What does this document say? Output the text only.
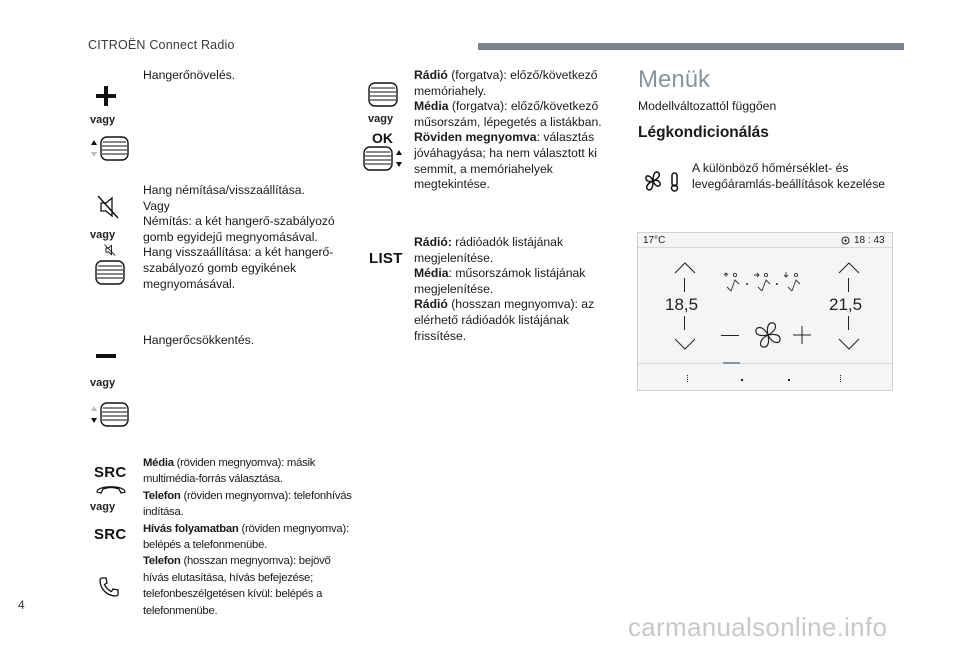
CITROËN Connect Radio
Hangerőnövelés.
vagy
Hang némítása/visszaállítása.
Vagy
Némítás: a két hangerő-szabályozó gomb egyidejű megnyomásával.
Hang visszaállítása: a két hangerő-szabályozó gomb egyikének megnyomásával.
vagy
Hangerőcsökkentés.
vagy
SRC
vagy
SRC
Média (röviden megnyomva): másik multimédia-forrás választása.
Telefon (röviden megnyomva): telefonhívás indítása.
Hívás folyamatban (röviden megnyomva): belépés a telefonmenübe.
Telefon (hosszan megnyomva): bejövő hívás elutasítása, hívás befejezése; telefonbeszélgetésen kívül: belépés a telefonmenübe.
vagy
OK
Rádió (forgatva): előző/következő memóriahely.
Média (forgatva): előző/következő műsorszám, lépegetés a listákban.
Röviden megnyomva: választás jóváhagyása; ha nem választott ki semmit, a memóriahelyek megtekintése.
LIST
Rádió: rádióadók listájának megjelenítése.
Média: műsorszámok listájának megjelenítése.
Rádió (hosszan megnyomva): az elérhető rádióadók listájának frissítése.
Menük
Modellváltozattól függően
Légkondicionálás
A különböző hőmérséklet- és levegőáramlás-beállítások kezelése
17°C	18 : 43
18,5	21,5
4
carmanualsonline.info
